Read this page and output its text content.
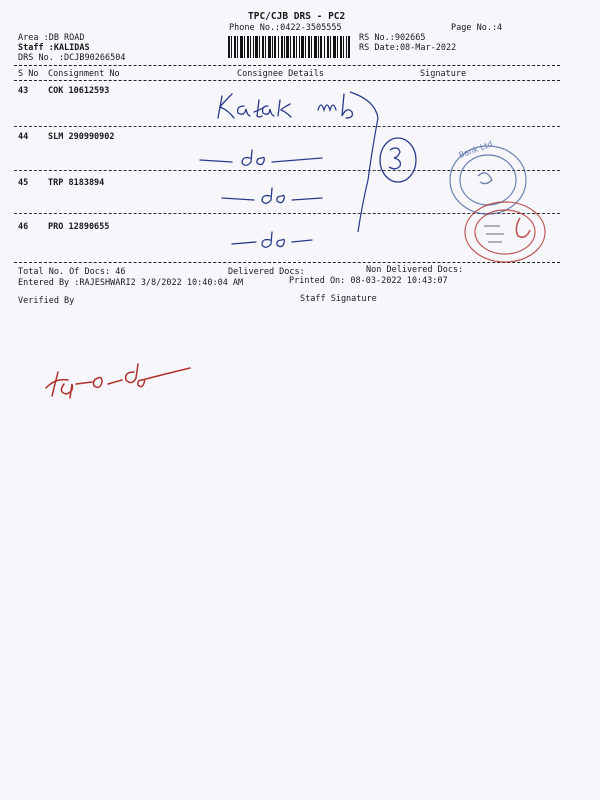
TPC/CJB DRS - PC2
Phone No.:0422-3505555	Page No.:4
Area :DB ROAD
Staff :KALIDAS
DRS No. :DCJB90266504
RS No.:902665
RS Date:08-Mar-2022
S No Consignment No	Consignee Details	Signature
43 COK 10612593
44 SLM 290990902
45 TRP 8183894
46 PRO 12890655
Total No. Of Docs: 46	Delivered Docs:	Non Delivered Docs:
Entered By :RAJESHWARI2 3/8/2022 10:40:04 AM	Printed On: 08-03-2022 10:43:07
Verified By	Staff Signature
Bank Ltd
